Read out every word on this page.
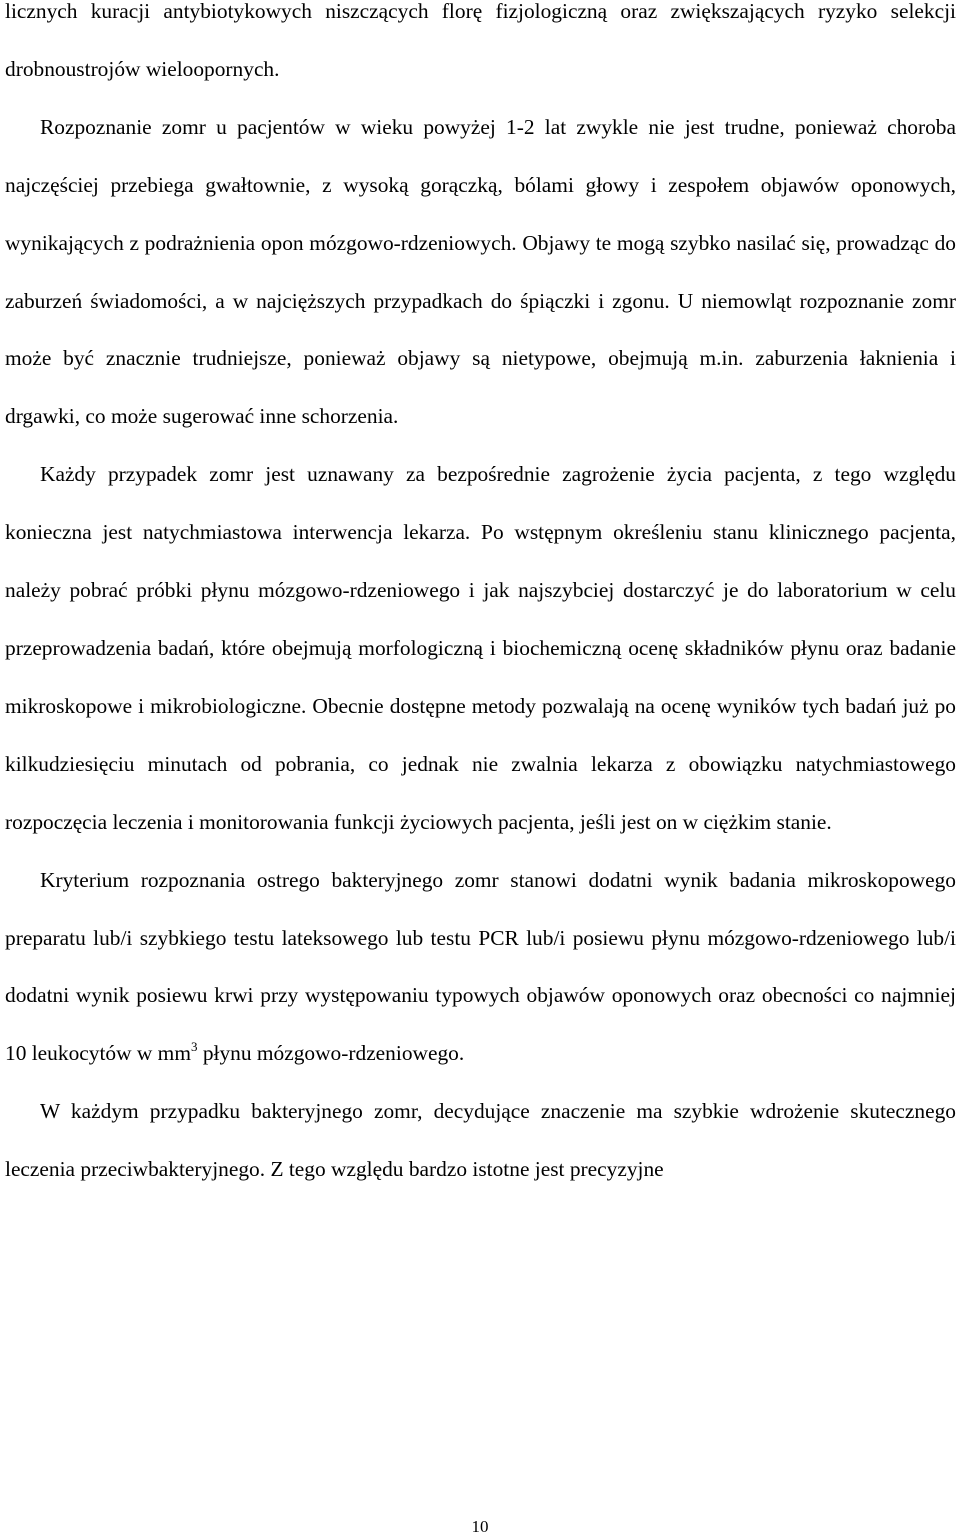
licznych kuracji antybiotykowych niszczących florę fizjologiczną oraz zwiększających ryzyko selekcji drobnoustrojów wieloopornych.

Rozpoznanie zomr u pacjentów w wieku powyżej 1-2 lat zwykle nie jest trudne, ponieważ choroba najczęściej przebiega gwałtownie, z wysoką gorączką, bólami głowy i zespołem objawów oponowych, wynikających z podrażnienia opon mózgowo-rdzeniowych. Objawy te mogą szybko nasilać się, prowadząc do zaburzeń świadomości, a w najcięższych przypadkach do śpiączki i zgonu. U niemowląt rozpoznanie zomr może być znacznie trudniejsze, ponieważ objawy są nietypowe, obejmują m.in. zaburzenia łaknienia i drgawki, co może sugerować inne schorzenia.

Każdy przypadek zomr jest uznawany za bezpośrednie zagrożenie życia pacjenta, z tego względu konieczna jest natychmiastowa interwencja lekarza. Po wstępnym określeniu stanu klinicznego pacjenta, należy pobrać próbki płynu mózgowo-rdzeniowego i jak najszybciej dostarczyć je do laboratorium w celu przeprowadzenia badań, które obejmują morfologiczną i biochemiczną ocenę składników płynu oraz badanie mikroskopowe i mikrobiologiczne. Obecnie dostępne metody pozwalają na ocenę wyników tych badań już po kilkudziesięciu minutach od pobrania, co jednak nie zwalnia lekarza z obowiązku natychmiastowego rozpoczęcia leczenia i monitorowania funkcji życiowych pacjenta, jeśli jest on w ciężkim stanie.

Kryterium rozpoznania ostrego bakteryjnego zomr stanowi dodatni wynik badania mikroskopowego preparatu lub/i szybkiego testu lateksowego lub testu PCR lub/i posiewu płynu mózgowo-rdzeniowego lub/i dodatni wynik posiewu krwi przy występowaniu typowych objawów oponowych oraz obecności co najmniej 10 leukocytów w $mm^3$ płynu mózgowo-rdzeniowego.

W każdym przypadku bakteryjnego zomr, decydujące znaczenie ma szybkie wdrożenie skutecznego leczenia przeciwbakteryjnego. Z tego względu bardzo istotne jest precyzyjne

10
